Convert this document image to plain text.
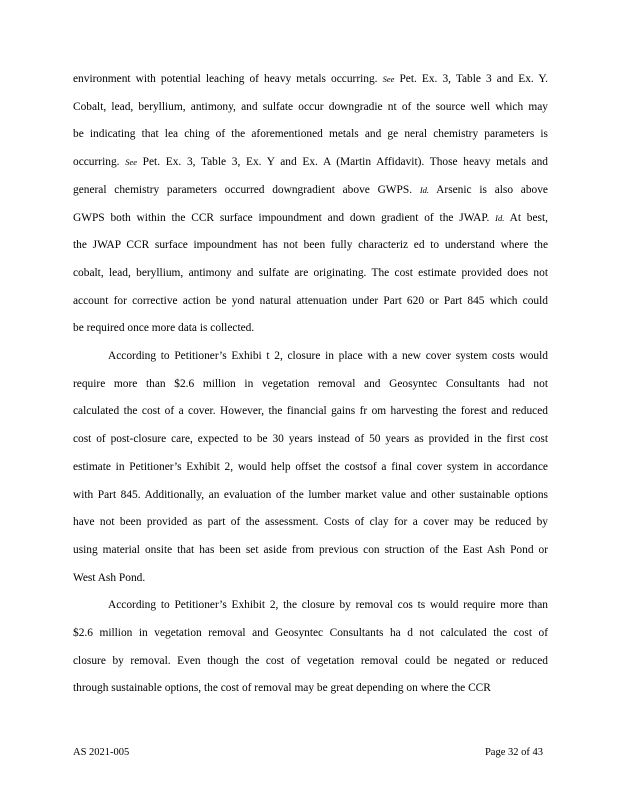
environment with potential leaching of heavy metals occurring. See Pet. Ex. 3, Table 3 and Ex. Y.
Cobalt, lead, beryllium, antimony, and sulfate occur downgradie nt of the source well which may
be indicating that lea ching of the aforementioned metals and ge neral chemistry parameters is
occurring. See Pet. Ex. 3, Table 3, Ex. Y and Ex. A (Martin Affidavit). Those heavy metals and
general chemistry parameters occurred downgradient above GWPS. Id. Arsenic is also above
GWPS both within the CCR surface impoundment and down gradient of the JWAP. Id. At best,
the JWAP CCR surface impoundment has not been fully characteriz ed to understand where the
cobalt, lead, beryllium, antimony and sulfate are originating. The cost estimate provided does not
account for corrective action be yond natural attenuation under Part 620 or Part 845 which could
be required once more data is collected.
According to Petitioner’s Exhibi t 2, closure in place with a new cover system costs would
require more than $2.6 million in vegetation removal and Geosyntec Consultants had not
calculated the cost of a cover. However, the financial gains fr om harvesting the forest and reduced
cost of post-closure care, expected to be 30 years instead of 50 years as provided in the first cost
estimate in Petitioner’s Exhibit 2, would help offset the costsof a final cover system in accordance
with Part 845. Additionally, an evaluation of the lumber market value and other sustainable options
have not been provided as part of the assessment. Costs of clay for a cover may be reduced by
using material onsite that has been set aside from previous con struction of the East Ash Pond or
West Ash Pond.
According to Petitioner’s Exhibit 2, the closure by removal cos ts would require more than
$2.6 million in vegetation removal and Geosyntec Consultants ha d not calculated the cost of
closure by removal. Even though the cost of vegetation removal could be negated or reduced
through sustainable options, the cost of removal may be great depending on where the CCR
AS 2021-005	Page 32 of 43
